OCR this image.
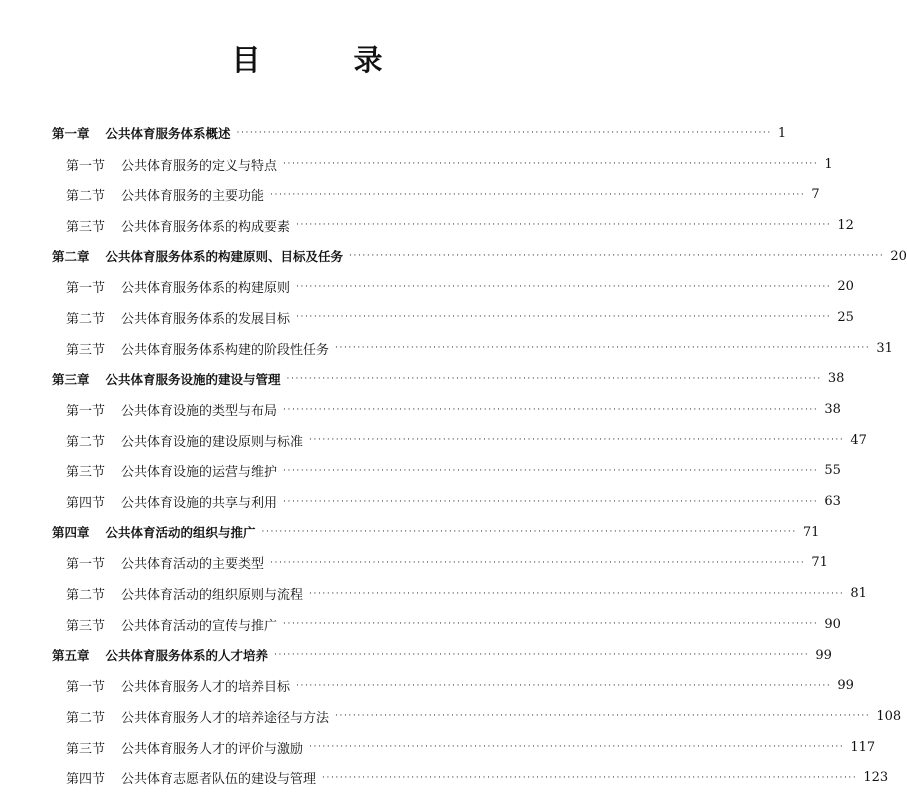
目　录
第一章 公共体育服务体系概述 ························································································································ 1
第一节 公共体育服务的定义与特点 ························································································································ 1
第二节 公共体育服务的主要功能 ························································································································ 7
第三节 公共体育服务体系的构成要素 ························································································································ 12
第二章 公共体育服务体系的构建原则、目标及任务 ························································································································ 20
第一节 公共体育服务体系的构建原则 ························································································································ 20
第二节 公共体育服务体系的发展目标 ························································································································ 25
第三节 公共体育服务体系构建的阶段性任务 ························································································································ 31
第三章 公共体育服务设施的建设与管理 ························································································································ 38
第一节 公共体育设施的类型与布局 ························································································································ 38
第二节 公共体育设施的建设原则与标准 ························································································································ 47
第三节 公共体育设施的运营与维护 ························································································································ 55
第四节 公共体育设施的共享与利用 ························································································································ 63
第四章 公共体育活动的组织与推广 ························································································································ 71
第一节 公共体育活动的主要类型 ························································································································ 71
第二节 公共体育活动的组织原则与流程 ························································································································ 81
第三节 公共体育活动的宣传与推广 ························································································································ 90
第五章 公共体育服务体系的人才培养 ························································································································ 99
第一节 公共体育服务人才的培养目标 ························································································································ 99
第二节 公共体育服务人才的培养途径与方法 ························································································································ 108
第三节 公共体育服务人才的评价与激励 ························································································································ 117
第四节 公共体育志愿者队伍的建设与管理 ························································································································ 123
